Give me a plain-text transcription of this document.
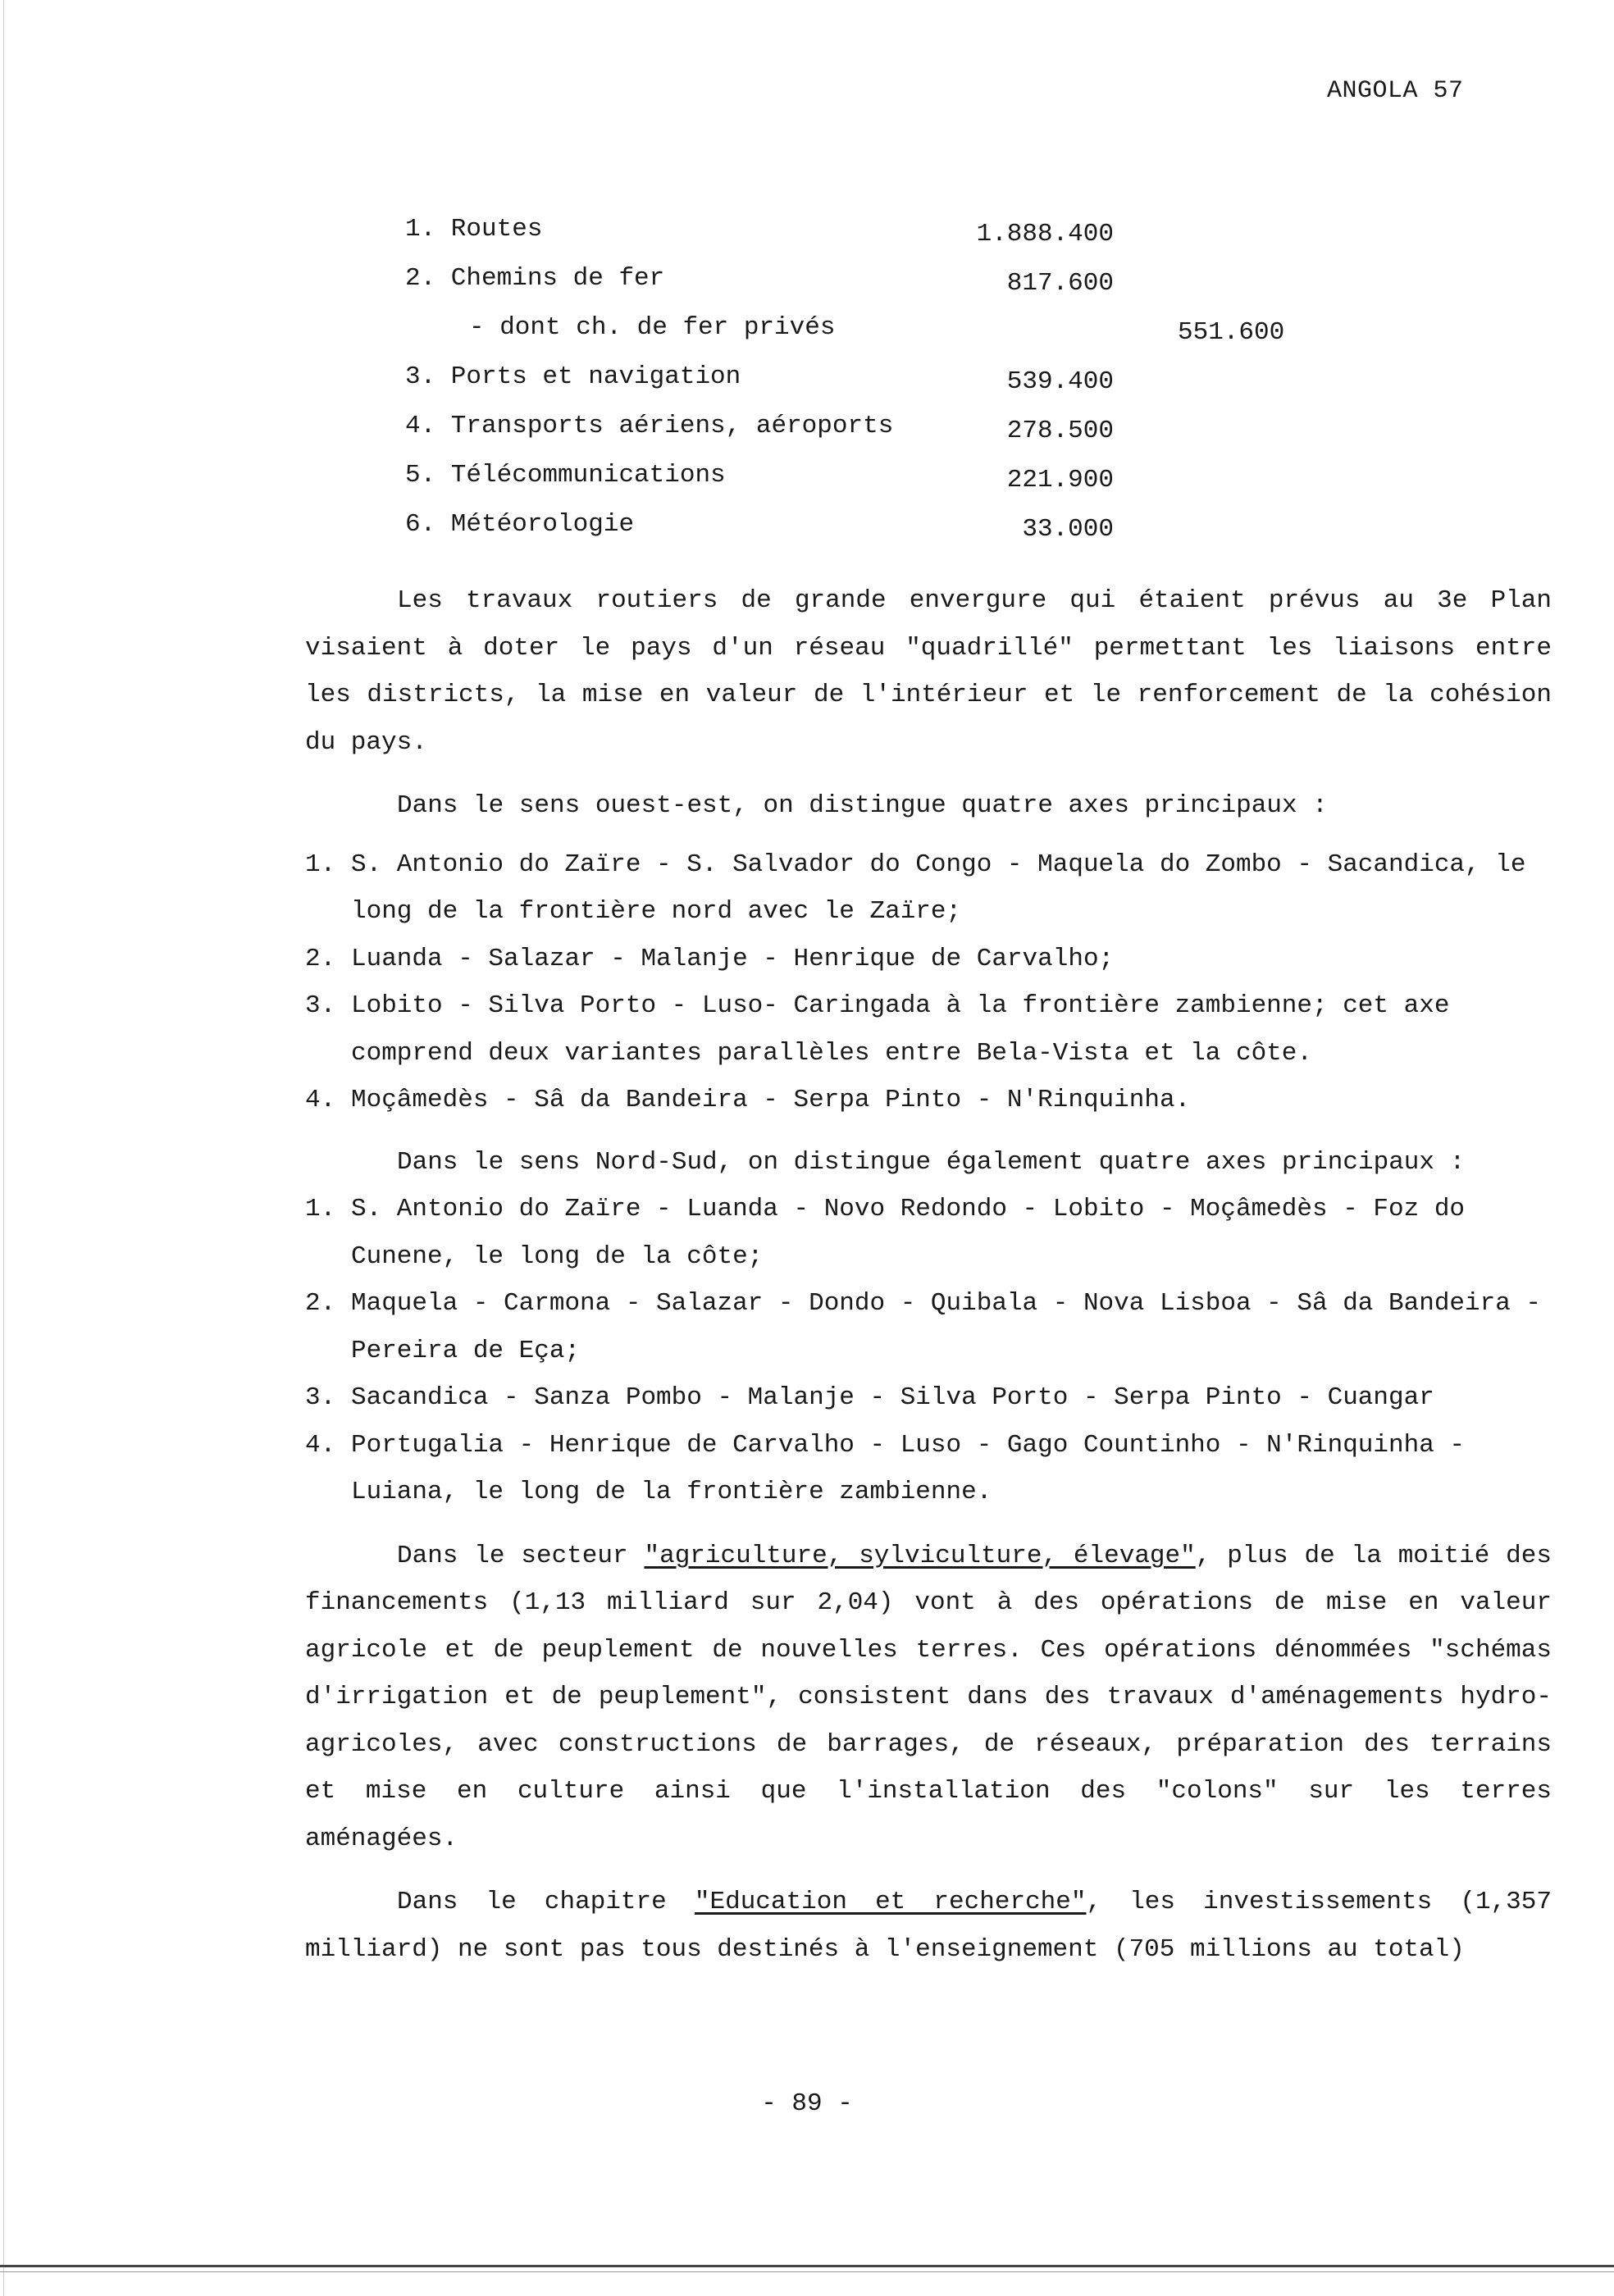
ANGOLA 57
1. Routes	1.888.400
2. Chemins de fer	817.600
- dont ch. de fer privés	551.600
3. Ports et navigation	539.400
4. Transports aériens, aéroports	278.500
5. Télécommunications	221.900
6. Météorologie	33.000

Les travaux routiers de grande envergure qui étaient prévus au 3e Plan visaient à doter le pays d'un réseau "quadrillé" permettant les liaisons entre les districts, la mise en valeur de l'intérieur et le renforcement de la cohésion du pays.

Dans le sens ouest-est, on distingue quatre axes principaux :

1. S. Antonio do Zaïre - S. Salvador do Congo - Maquela do Zombo - Sacandica, le long de la frontière nord avec le Zaïre;
2. Luanda - Salazar - Malanje - Henrique de Carvalho;
3. Lobito - Silva Porto - Luso- Caringada à la frontière zambienne; cet axe comprend deux variantes parallèles entre Bela-Vista et la côte.
4. Moçâmedès - Sâ da Bandeira - Serpa Pinto - N'Rinquinha.

Dans le sens Nord-Sud, on distingue également quatre axes principaux :

1. S. Antonio do Zaïre - Luanda - Novo Redondo - Lobito - Moçâmedès - Foz do Cunene, le long de la côte;
2. Maquela - Carmona - Salazar - Dondo - Quibala - Nova Lisboa - Sâ da Bandeira - Pereira de Eça;
3. Sacandica - Sanza Pombo - Malanje - Silva Porto - Serpa Pinto - Cuangar
4. Portugalia - Henrique de Carvalho - Luso - Gago Countinho - N'Rinquinha - Luiana, le long de la frontière zambienne.

Dans le secteur "agriculture, sylviculture, élevage", plus de la moitié des financements (1,13 milliard sur 2,04) vont à des opérations de mise en valeur agricole et de peuplement de nouvelles terres. Ces opérations dénommées "schémas d'irrigation et de peuplement", consistent dans des travaux d'aménagements hydro-agricoles, avec constructions de barrages, de réseaux, préparation des terrains et mise en culture ainsi que l'installation des "colons" sur les terres aménagées.

Dans le chapitre "Education et recherche", les investissements (1,357 milliard) ne sont pas tous destinés à l'enseignement (705 millions au total)

- 89 -
